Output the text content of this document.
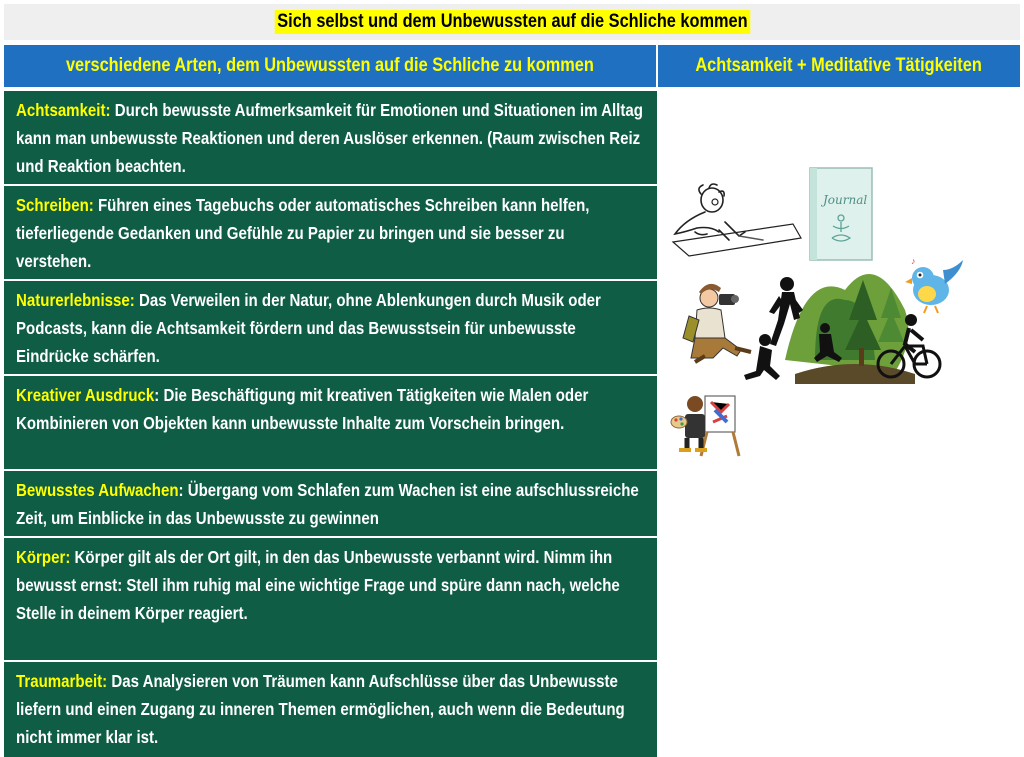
Sich selbst und dem Unbewussten auf die Schliche kommen
verschiedene Arten, dem Unbewussten auf die Schliche zu kommen	Achtsamkeit + Meditative Tätigkeiten
Achtsamkeit: Durch bewusste Aufmerksamkeit für Emotionen und Situationen im Alltag kann man unbewusste Reaktionen und deren Auslöser erkennen. (Raum zwischen Reiz und Reaktion beachten.
Schreiben: Führen eines Tagebuchs oder automatisches Schreiben kann helfen, tieferliegende Gedanken und Gefühle zu Papier zu bringen und sie besser zu verstehen.
Naturerlebnisse: Das Verweilen in der Natur, ohne Ablenkungen durch Musik oder Podcasts, kann die Achtsamkeit fördern und das Bewusstsein für unbewusste Eindrücke schärfen.
Kreativer Ausdruck: Die Beschäftigung mit kreativen Tätigkeiten wie Malen oder Kombinieren von Objekten kann unbewusste Inhalte zum Vorschein bringen.
Bewusstes Aufwachen: Übergang vom Schlafen zum Wachen ist eine aufschlussreiche Zeit, um Einblicke in das Unbewusste zu gewinnen
Körper: Körper gilt als der Ort gilt, in den das Unbewusste verbannt wird. Nimm ihn bewusst ernst: Stell ihm ruhig mal eine wichtige Frage und spüre dann nach, welche Stelle in deinem Körper reagiert.
Traumarbeit: Das Analysieren von Träumen kann Aufschlüsse über das Unbewusste liefern und einen Zugang zu inneren Themen ermöglichen, auch wenn die Bedeutung nicht immer klar ist.
Journal
♪
